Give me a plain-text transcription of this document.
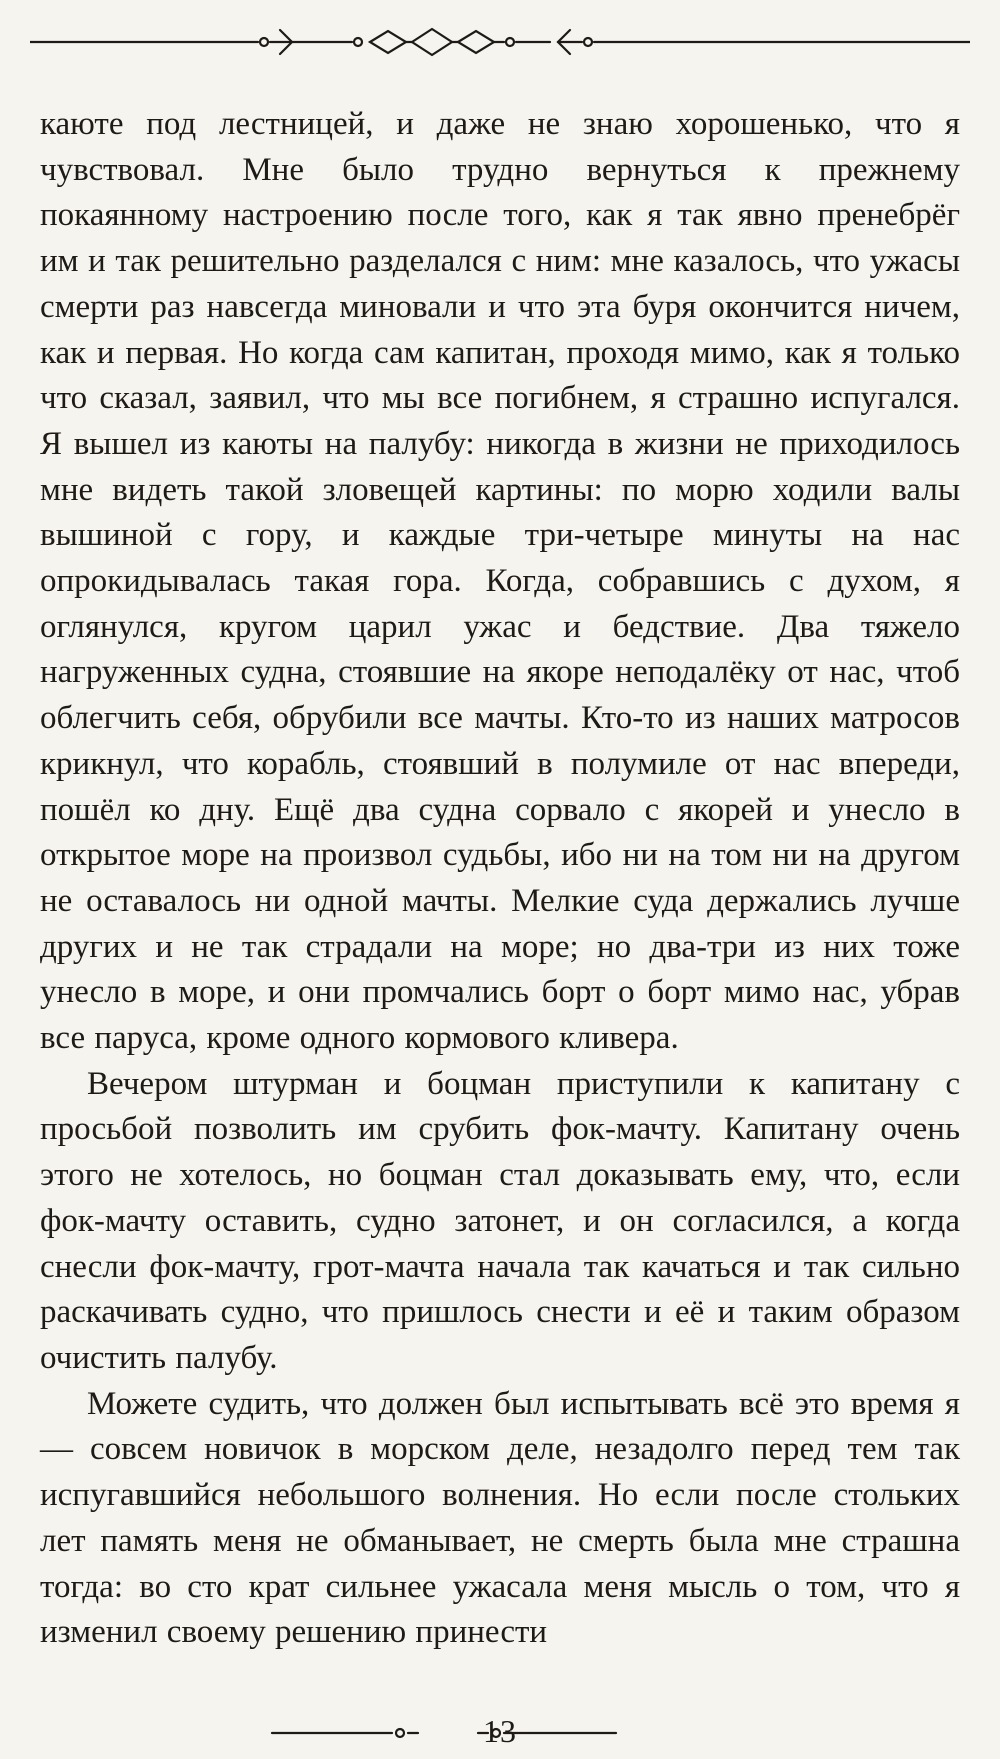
каюте под лестницей, и даже не знаю хорошенько, что я чувствовал. Мне было трудно вернуться к прежнему покаянному настроению после того, как я так явно пренебрёг им и так решительно разделался с ним: мне казалось, что ужасы смерти раз навсегда миновали и что эта буря окончится ничем, как и первая. Но когда сам капитан, проходя мимо, как я только что сказал, заявил, что мы все погибнем, я страшно испугался. Я вышел из каюты на палубу: никогда в жизни не приходилось мне видеть такой зловещей картины: по морю ходили валы вышиной с гору, и каждые три-четыре минуты на нас опрокидывалась такая гора. Когда, собравшись с духом, я оглянулся, кругом царил ужас и бедствие. Два тяжело нагруженных судна, стоявшие на якоре неподалёку от нас, чтоб облегчить себя, обрубили все мачты. Кто-то из наших матросов крикнул, что корабль, стоявший в полумиле от нас впереди, пошёл ко дну. Ещё два судна сорвало с якорей и унесло в открытое море на произвол судьбы, ибо ни на том ни на другом не оставалось ни одной мачты. Мелкие суда держались лучше других и не так страдали на море; но два-три из них тоже унесло в море, и они промчались борт о борт мимо нас, убрав все паруса, кроме одного кормового кливера.

Вечером штурман и боцман приступили к капитану с просьбой позволить им срубить фок-мачту. Капитану очень этого не хотелось, но боцман стал доказывать ему, что, если фок-мачту оставить, судно затонет, и он согласился, а когда снесли фок-мачту, грот-мачта начала так качаться и так сильно раскачивать судно, что пришлось снести и её и таким образом очистить палубу.

Можете судить, что должен был испытывать всё это время я — совсем новичок в морском деле, незадолго перед тем так испугавшийся небольшого волнения. Но если после стольких лет память меня не обманывает, не смерть была мне страшна тогда: во сто крат сильнее ужасала меня мысль о том, что я изменил своему решению принести

13
